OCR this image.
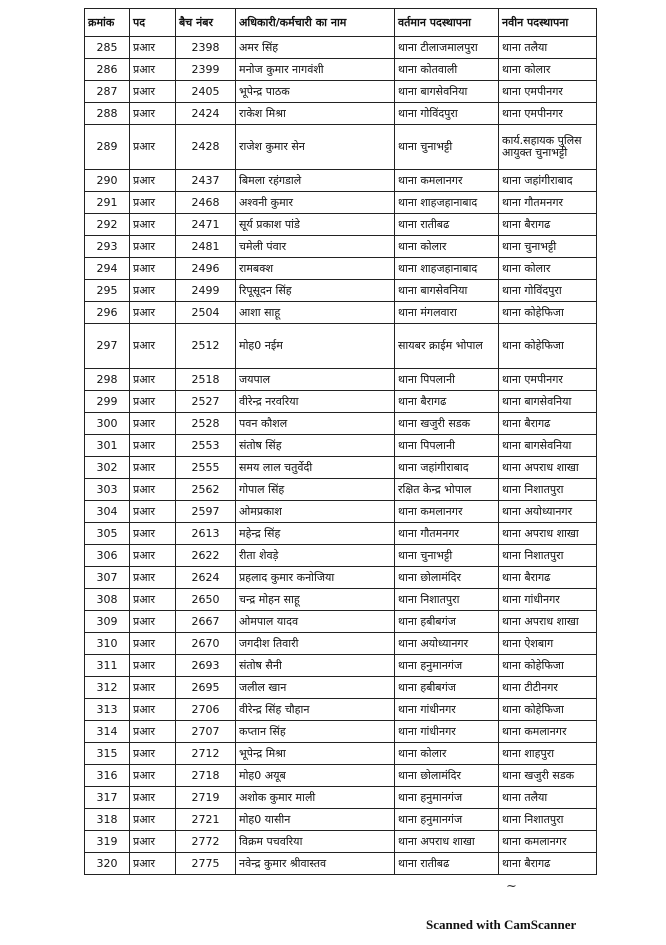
क्रमांक	पद	बैच नंबर	अधिकारी/कर्मचारी का नाम	वर्तमान पदस्थापना	नवीन पदस्थापना
285	प्रआर	2398	अमर सिंह	थाना टीलाजमालपुरा	थाना तलैया
286	प्रआर	2399	मनोज कुमार नागवंशी	थाना कोतवाली	थाना कोलार
287	प्रआर	2405	भूपेन्द्र पाठक	थाना बागसेवनिया	थाना एमपीनगर
288	प्रआर	2424	राकेश मिश्रा	थाना गोविंदपुरा	थाना एमपीनगर
289	प्रआर	2428	राजेश कुमार सेन	थाना चुनाभट्टी	कार्य.सहायक पुलिस आयुक्त चुनाभट्टी
290	प्रआर	2437	बिमला रहंगडाले	थाना कमलानगर	थाना जहांगीराबाद
291	प्रआर	2468	अश्वनी कुमार	थाना शाहजहानाबाद	थाना गौतमनगर
292	प्रआर	2471	सूर्य प्रकाश पांडे	थाना रातीबढ	थाना बैरागढ
293	प्रआर	2481	चमेली पंवार	थाना कोलार	थाना चुनाभट्टी
294	प्रआर	2496	रामबक्श	थाना शाहजहानाबाद	थाना कोलार
295	प्रआर	2499	रिपूसूदन सिंह	थाना बागसेवनिया	थाना गोविंदपुरा
296	प्रआर	2504	आशा साहू	थाना मंगलवारा	थाना कोहेफिजा
297	प्रआर	2512	मोह0 नईम	सायबर क्राईम भोपाल	थाना कोहेफिजा
298	प्रआर	2518	जयपाल	थाना पिपलानी	थाना एमपीनगर
299	प्रआर	2527	वीरेन्द्र नरवरिया	थाना बैरागढ	थाना बागसेवनिया
300	प्रआर	2528	पवन कौशल	थाना खजुरी सडक	थाना बैरागढ
301	प्रआर	2553	संतोष सिंह	थाना पिपलानी	थाना बागसेवनिया
302	प्रआर	2555	समय लाल चतुर्वेदी	थाना जहांगीराबाद	थाना अपराध शाखा
303	प्रआर	2562	गोपाल सिंह	रक्षित केन्द्र भोपाल	थाना निशातपुरा
304	प्रआर	2597	ओमप्रकाश	थाना कमलानगर	थाना अयोध्यानगर
305	प्रआर	2613	महेन्द्र सिंह	थाना गौतमनगर	थाना अपराध शाखा
306	प्रआर	2622	रीता शेवड़े	थाना चुनाभट्टी	थाना निशातपुरा
307	प्रआर	2624	प्रहलाद कुमार कनोजिया	थाना छोलामंदिर	थाना बैरागढ
308	प्रआर	2650	चन्द्र मोहन साहू	थाना निशातपुरा	थाना गांधीनगर
309	प्रआर	2667	ओमपाल यादव	थाना हबीबगंज	थाना अपराध शाखा
310	प्रआर	2670	जगदीश तिवारी	थाना अयोध्यानगर	थाना ऐशबाग
311	प्रआर	2693	संतोष सैनी	थाना हनुमानगंज	थाना कोहेफिजा
312	प्रआर	2695	जलील खान	थाना हबीबगंज	थाना टीटीनगर
313	प्रआर	2706	वीरेन्द्र सिंह चौहान	थाना गांधीनगर	थाना कोहेफिजा
314	प्रआर	2707	कप्तान सिंह	थाना गांधीनगर	थाना कमलानगर
315	प्रआर	2712	भूपेन्द्र मिश्रा	थाना कोलार	थाना शाहपुरा
316	प्रआर	2718	मोह0 अयूब	थाना छोलामंदिर	थाना खजुरी सडक
317	प्रआर	2719	अशोक कुमार माली	थाना हनुमानगंज	थाना तलैया
318	प्रआर	2721	मोह0 यासीन	थाना हनुमानगंज	थाना निशातपुरा
319	प्रआर	2772	विक्रम पचवरिया	थाना अपराध शाखा	थाना कमलानगर
320	प्रआर	2775	नवेन्द्र कुमार श्रीवास्तव	थाना रातीबढ	थाना बैरागढ
~
Scanned with CamScanner
